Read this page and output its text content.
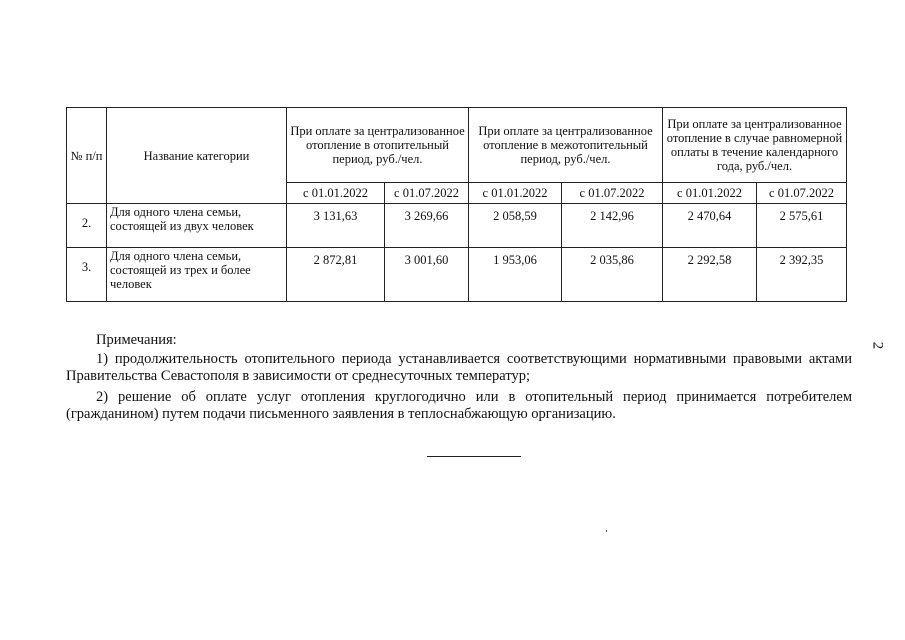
№ п/п	Название категории	При оплате за централизованное отопление в отопительный период, руб./чел.		При оплате за централизованное отопление в межотопительный период, руб./чел.		При оплате за централизованное отопление в случае равномерной оплаты в течение календарного года, руб./чел.	
		с 01.01.2022	с 01.07.2022	с 01.01.2022	с 01.07.2022	с 01.01.2022	с 01.07.2022
2.	Для одного члена семьи, состоящей из двух человек	3 131,63	3 269,66	2 058,59	2 142,96	2 470,64	2 575,61
3.	Для одного члена семьи, состоящей из трех и более человек	2 872,81	3 001,60	1 953,06	2 035,86	2 292,58	2 392,35

Примечания:

1) продолжительность отопительного периода устанавливается соответствующими нормативными правовыми актами Правительства Севастополя в зависимости от среднесуточных температур;

2) решение об оплате услуг отопления круглогодично или в отопительный период принимается потребителем (гражданином) путем подачи письменного заявления в теплоснабжающую организацию.

2
